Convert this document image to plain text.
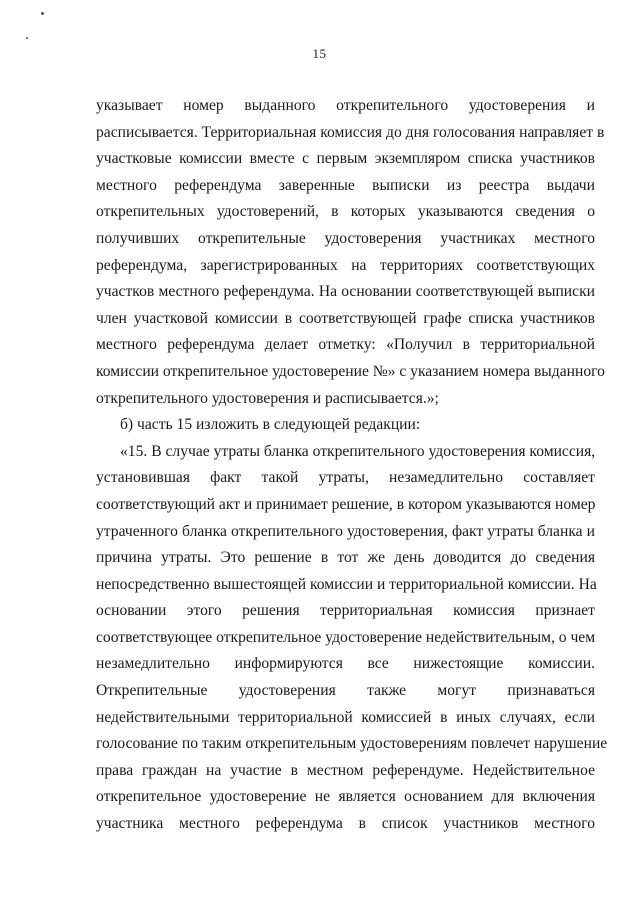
15
указывает номер выданного открепительного удостоверения и
расписывается. Территориальная комиссия до дня голосования направляет в
участковые комиссии вместе с первым экземпляром списка участников
местного референдума заверенные выписки из реестра выдачи
открепительных удостоверений, в которых указываются сведения о
получивших открепительные удостоверения участниках местного
референдума, зарегистрированных на территориях соответствующих
участков местного референдума. На основании соответствующей выписки
член участковой комиссии в соответствующей графе списка участников
местного референдума делает отметку: «Получил в территориальной
комиссии открепительное удостоверение №» с указанием номера выданного
открепительного удостоверения и расписывается.»;
б) часть 15 изложить в следующей редакции:
«15. В случае утраты бланка открепительного удостоверения комиссия,
установившая факт такой утраты, незамедлительно составляет
соответствующий акт и принимает решение, в котором указываются номер
утраченного бланка открепительного удостоверения, факт утраты бланка и
причина утраты. Это решение в тот же день доводится до сведения
непосредственно вышестоящей комиссии и территориальной комиссии. На
основании этого решения территориальная комиссия признает
соответствующее открепительное удостоверение недействительным, о чем
незамедлительно информируются все нижестоящие комиссии.
Открепительные удостоверения также могут признаваться
недействительными территориальной комиссией в иных случаях, если
голосование по таким открепительным удостоверениям повлечет нарушение
права граждан на участие в местном референдуме. Недействительное
открепительное удостоверение не является основанием для включения
участника местного референдума в список участников местного
